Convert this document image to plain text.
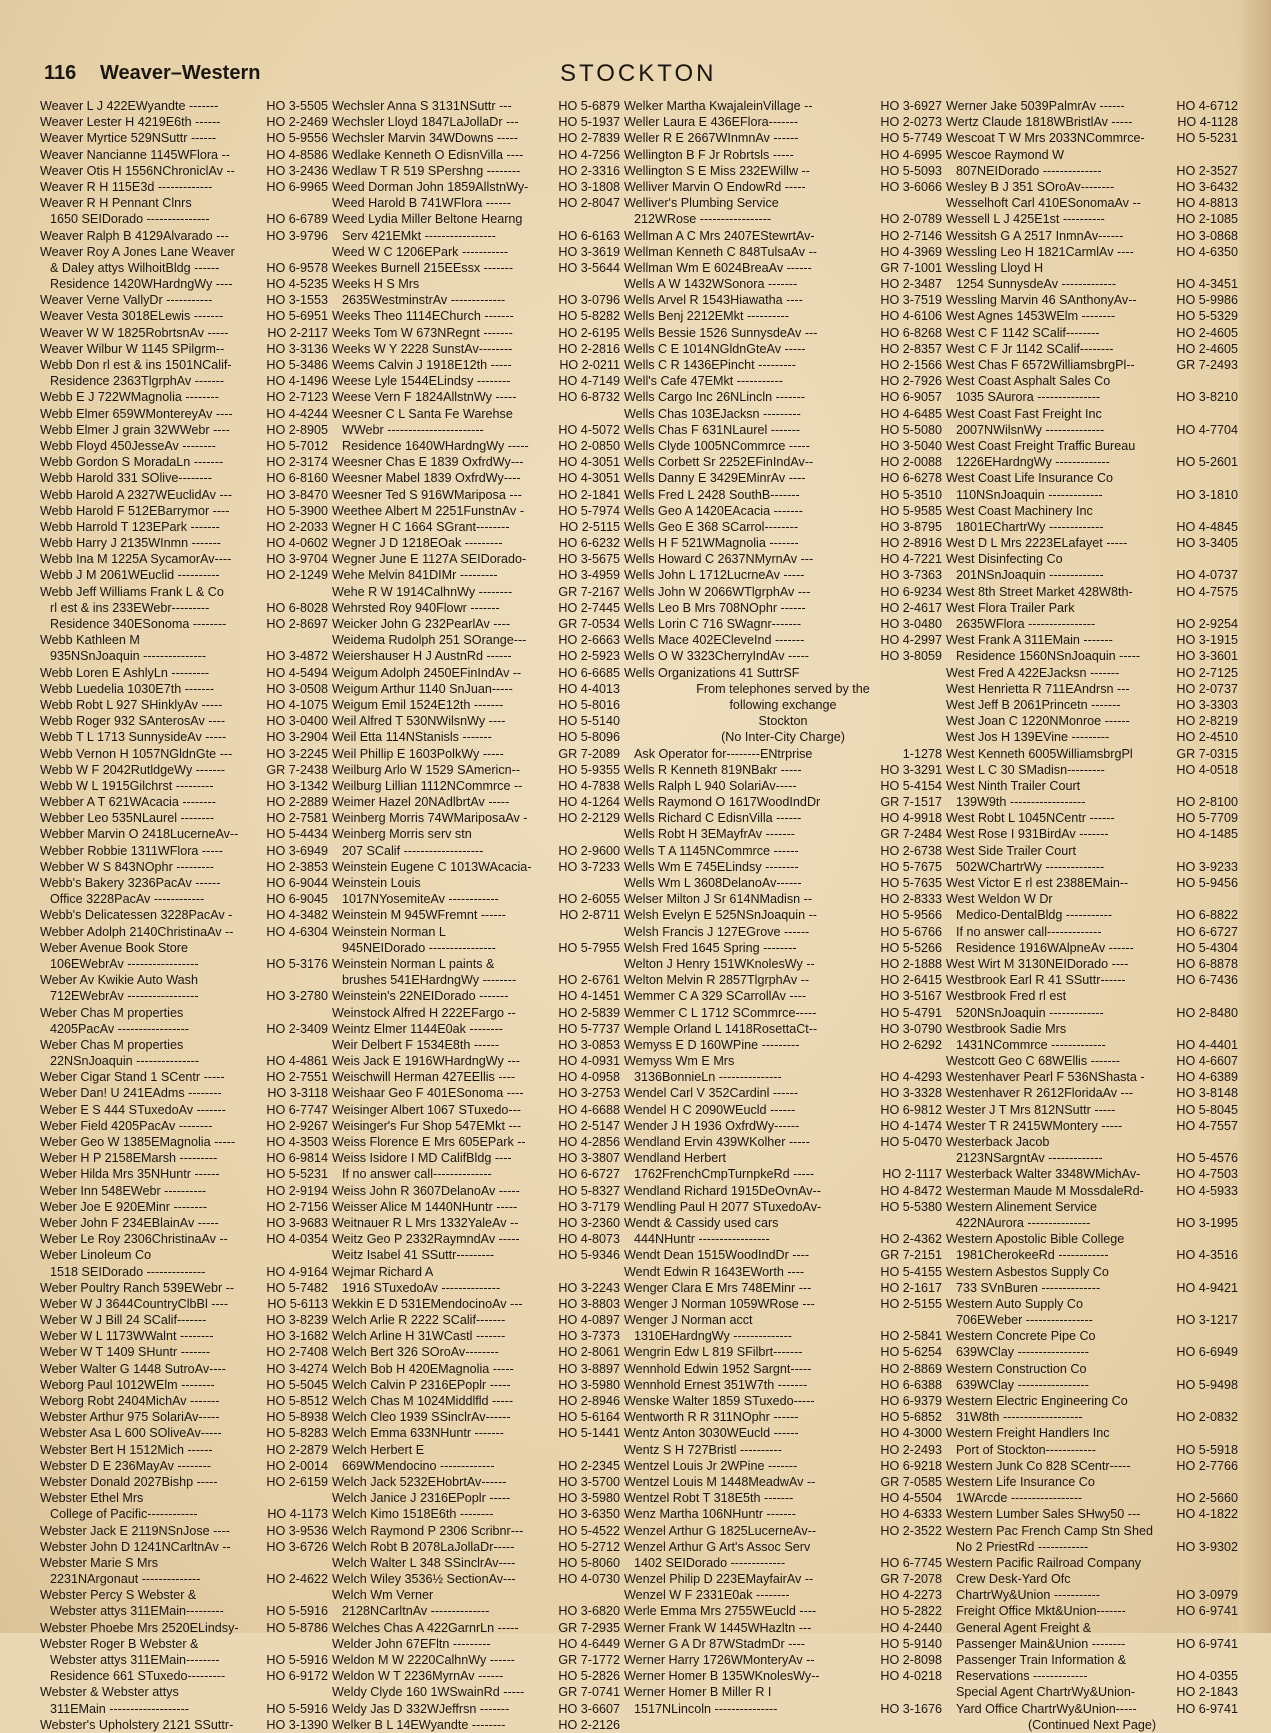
116 Weaver–Western	STOCKTON
Weaver L J 422EWyandte -------	HO 3-5505
Weaver Lester H 4219E6th ------	HO 2-2469
Weaver Myrtice 529NSuttr ------	HO 5-9556
Weaver Nancianne 1145WFlora --	HO 4-8586
Weaver Otis H 1556NChroniclAv --	HO 3-2436
Weaver R H 115E3d -------------	HO 6-9965
Weaver R H Pennant Clnrs
1650 SEIDorado ---------------	HO 6-6789
Weaver Ralph B 4129Alvarado ---	HO 3-9796
Weaver Roy A Jones Lane Weaver
& Daley attys WilhoitBldg ------	HO 6-9578
Residence 1420WHardngWy ----	HO 4-5235
Weaver Verne VallyDr -----------	HO 3-1553
Weaver Vesta 3018ELewis -------	HO 5-6951
Weaver W W 1825RobrtsnAv -----	HO 2-2117
Weaver Wilbur W 1145 SPilgrm--	HO 3-3136
Webb Don rl est & ins 1501NCalif-	HO 5-3486
Residence 2363TlgrphAv -------	HO 4-1496
Webb E J 722WMagnolia --------	HO 2-7123
Webb Elmer 659WMontereyAv ----	HO 4-4244
Webb Elmer J grain 32WWebr ----	HO 2-8905
Webb Floyd 450JesseAv --------	HO 5-7012
Webb Gordon S MoradaLn -------	HO 2-3174
Webb Harold 331 SOlive--------	HO 6-8160
Webb Harold A 2327WEuclidAv ---	HO 3-8470
Webb Harold F 512EBarrymor ----	HO 5-3900
Webb Harrold T 123EPark -------	HO 2-2033
Webb Harry J 2135WInmn -------	HO 4-0602
Webb Ina M 1225A SycamorAv----	HO 3-9704
Webb J M 2061WEuclid ----------	HO 2-1249
Webb Jeff Williams Frank L & Co
rl est & ins 233EWebr---------	HO 6-8028
Residence 340ESonoma --------	HO 2-8697
Webb Kathleen M
935NSnJoaquin ---------------	HO 3-4872
Webb Loren E AshlyLn ---------	HO 4-5494
Webb Luedelia 1030E7th -------	HO 3-0508
Webb Robt L 927 SHinklyAv -----	HO 4-1075
Webb Roger 932 SAnterosAv ----	HO 3-0400
Webb T L 1713 SunnysideAv -----	HO 3-2904
Webb Vernon H 1057NGldnGte ---	HO 3-2245
Webb W F 2042RutldgeWy -------	GR 7-2438
Webb W L 1915Gilchrst ---------	HO 3-1342
Webber A T 621WAcacia --------	HO 2-2889
Webber Leo 535NLaurel --------	HO 2-7581
Webber Marvin O 2418LucerneAv-- HO 5-4434
Webber Robbie 1311WFlora -----	HO 3-6949
Webber W S 843NOphr ---------	HO 2-3853
Webb's Bakery 3236PacAv ------	HO 6-9044
Office 3228PacAv ------------	HO 6-9045
Webb's Delicatessen 3228PacAv -	HO 4-3482
Webber Adolph 2140ChristinaAv --	HO 4-6304
Weber Avenue Book Store
106EWebrAv -----------------	HO 5-3176
Weber Av Kwikie Auto Wash
712EWebrAv -----------------	HO 3-2780
Weber Chas M properties
4205PacAv -----------------	HO 2-3409
Weber Chas M properties
22NSnJoaquin ---------------	HO 4-4861
Weber Cigar Stand 1 SCentr -----	HO 2-7551
Weber Dan! U 241EAdms --------	HO 3-3118
Weber E S 444 STuxedoAv -------	HO 6-7747
Weber Field 4205PacAv --------	HO 2-9267
Weber Geo W 1385EMagnolia ----- HO 4-3503
Weber H P 2158EMarsh ---------	HO 6-9814
Weber Hilda Mrs 35NHuntr ------	HO 5-5231
Weber Inn 548EWebr ----------	HO 2-9194
Weber Joe E 920EMinr --------	HO 2-7156
Weber John F 234EBlainAv -----	HO 3-9683
Weber Le Roy 2306ChristinaAv --	HO 4-0354
Weber Linoleum Co
1518 SEIDorado --------------	HO 4-9164
Weber Poultry Ranch 539EWebr --	HO 5-7482
Weber W J 3644CountryClbBl ----	HO 5-6113
Weber W J Bill 24 SCalif-------	HO 3-8239
Weber W L 1173WWalnt --------	HO 3-1682
Weber W T 1409 SHuntr -------	HO 2-7408
Weber Walter G 1448 SutroAv----	HO 3-4274
Weborg Paul 1012WElm --------	HO 5-5045
Weborg Robt 2404MichAv -------	HO 5-8512
Webster Arthur 975 SolariAv-----	HO 5-8938
Webster Asa L 600 SOliveAv-----	HO 5-8283
Webster Bert H 1512Mich ------	HO 2-2879
Webster D E 236MayAv --------	HO 2-0014
Webster Donald 2027Bishp -----	HO 2-6159
Webster Ethel Mrs
College of Pacific------------	HO 4-1173
Webster Jack E 2119NSnJose ----	HO 3-9536
Webster John D 1241NCarltnAv --	HO 3-6726
Webster Marie S Mrs
2231NArgonaut --------------	HO 2-4622
Webster Percy S Webster &
Webster attys 311EMain---------	HO 5-5916
Webster Phoebe Mrs 2520ELindsy- HO 5-8786
Webster Roger B Webster &
Webster attys 311EMain--------	HO 5-5916
Residence 661 STuxedo---------	HO 6-9172
Webster & Webster attys
311EMain -------------------	HO 5-5916
Webster's Upholstery 2121 SSuttr-	HO 3-1390
Wechsler Anna S 3131NSuttr ---	HO 5-6879
Wechsler Lloyd 1847LaJollaDr ---	HO 5-1937
Wechsler Marvin 34WDowns -----	HO 2-7839
Wedlake Kenneth O EdisnVilla ----	HO 4-7256
Wedlaw T R 519 SPershng --------	HO 2-3316
Weed Dorman John 1859AllstnWy- HO 3-1808
Weed Harold B 741WFlora ------	HO 2-8047
Weed Lydia Miller Beltone Hearng
Serv 421EMkt -----------------	HO 6-6163
Weed W C 1206EPark -----------	HO 3-3619
Weekes Burnell 215EEssx -------	HO 3-5644
Weeks H S Mrs
2635WestminstrAv -------------	HO 3-0796
Weeks Theo 1114EChurch -------	HO 5-8282
Weeks Tom W 673NRegnt -------	HO 2-6195
Weeks W Y 2228 SunstAv--------	HO 2-2816
Weems Calvin J 1918E12th -----	HO 2-0211
Weese Lyle 1544ELindsy --------	HO 4-7149
Weese Vern F 1824AllstnWy -----	HO 6-8732
Weesner C L Santa Fe Warehse
WWebr -----------------------	HO 4-5072
Residence 1640WHardngWy ----- HO 2-0850
Weesner Chas E 1839 OxfrdWy---	HO 4-3051
Weesner Mabel 1839 OxfrdWy----	HO 4-3051
Weesner Ted S 916WMariposa ---	HO 2-1841
Weethee Albert M 2251FunstnAv -	HO 5-7974
Wegner H C 1664 SGrant--------	HO 2-5115
Wegner J D 1218EOak ---------	HO 6-6232
Wegner June E 1127A SEIDorado-	HO 3-5675
Wehe Melvin 841DIMr ---------	HO 3-4959
Wehe R W 1914CalhnWy --------	GR 7-2167
Wehrsted Roy 940Flowr -------	HO 2-7445
Weicker John G 232PearlAv ----	GR 7-0534
Weidema Rudolph 251 SOrange---	HO 2-6663
Weiershauser H J AustnRd ------	HO 2-5923
Weigum Adolph 2450EFinIndAv --	HO 6-6685
Weigum Arthur 1140 SnJuan-----	HO 4-4013
Weigum Emil 1524E12th -------	HO 5-8016
Weil Alfred T 530NWilsnWy ----	HO 5-5140
Weil Etta 114NStanisls -------	HO 5-8096
Weil Phillip E 1603PolkWy -----	GR 7-2089
Weilburg Arlo W 1529 SAmericn--	HO 5-9355
Weilburg Lillian 1112NCommrce --	HO 4-7838
Weimer Hazel 20NAdlbrtAv -----	HO 4-1264
Weinberg Morris 74WMariposaAv - HO 2-2129
Weinberg Morris serv stn
207 SCalif -------------------	HO 2-9600
Weinstein Eugene C 1013WAcacia- HO 3-7233
Weinstein Louis
1017NYosemiteAv ------------	HO 2-6055
Weinstein M 945WFremnt ------	HO 2-8711
Weinstein Norman L
945NEIDorado ----------------	HO 5-7955
Weinstein Norman L paints &
brushes 541EHardngWy --------	HO 2-6761
Weinstein's 22NEIDorado -------	HO 4-1451
Weinstock Alfred H 222EFargo --	HO 2-5839
Weintz Elmer 1144E0ak --------	HO 5-7737
Weir Delbert F 1534E8th ------	HO 3-0853
Weis Jack E 1916WHardngWy ---	HO 4-0931
Weischwill Herman 427EEllis ----	HO 4-0958
Weishaar Geo F 401ESonoma ----	HO 3-2753
Weisinger Albert 1067 STuxedo---	HO 4-6688
Weisinger's Fur Shop 547EMkt ---	HO 2-5147
Weiss Florence E Mrs 605EPark --	HO 4-2856
Weiss Isidore I MD CalifBldg ----	HO 3-3807
If no answer call--------------	HO 6-6727
Weiss John R 3607DelanoAv -----	HO 5-8327
Weisser Alice M 1440NHuntr -----	HO 3-7179
Weitnauer R L Mrs 1332YaleAv --	HO 3-2360
Weitz Geo P 2332RaymndAv -----	HO 4-8073
Weitz Isabel 41 SSuttr---------	HO 5-9346
Wejmar Richard A
1916 STuxedoAv --------------	HO 3-2243
Wekkin E D 531EMendocinoAv ---	HO 3-8803
Welch Arlie R 2222 SCalif-------	HO 4-0897
Welch Arline H 31WCastl -------	HO 3-7373
Welch Bert 326 SOroAv--------	HO 2-8061
Welch Bob H 420EMagnolia -----	HO 3-8897
Welch Calvin P 2316EPoplr -----	HO 3-5980
Welch Chas M 1024Middlfld -----	HO 2-8946
Welch Cleo 1939 SSinclrAv------	HO 5-6164
Welch Emma 633NHuntr -------	HO 5-1441
Welch Herbert E
669WMendocino -------------	HO 2-2345
Welch Jack 5232EHobrtAv------	HO 3-5700
Welch Janice J 2316EPoplr -----	HO 3-5980
Welch Kimo 1518E6th --------	HO 3-6350
Welch Raymond P 2306 Scribnr---	HO 5-4522
Welch Robt B 2078LaJollaDr-----	HO 5-2712
Welch Walter L 348 SSinclrAv----	HO 5-8060
Welch Wiley 3536½ SectionAv---	HO 4-0730
Welch Wm Verner
2128NCarltnAv --------------	HO 3-6820
Welches Chas A 422GarnrLn -----	GR 7-2935
Welder John 67EFltn ---------	HO 4-6449
Weldon M W 2220CalhnWy ------	GR 7-1772
Weldon W T 2236MyrnAv ------	HO 5-2826
Weldy Clyde 160 1WSwainRd -----	GR 7-0741
Weldy Jas D 332WJeffrsn -------	HO 3-6607
Welker B L 14EWyandte --------	HO 2-2126
Welker Martha KwajaleinVillage --	HO 3-6927
Weller Laura E 436EFlora-------	HO 2-0273
Weller R E 2667WInmnAv ------	HO 5-7749
Wellington B F Jr Robrtsls -----	HO 4-6995
Wellington S E Miss 232EWillw --	HO 5-5093
Welliver Marvin O EndowRd -----	HO 3-6066
Welliver's Plumbing Service
212WRose -----------------	HO 2-0789
Wellman A C Mrs 2407EStewrtAv-	HO 2-7146
Wellman Kenneth C 848TulsaAv --	HO 4-3969
Wellman Wm E 6024BreaAv ------	GR 7-1001
Wells A W 1432WSonora -------	HO 2-3487
Wells Arvel R 1543Hiawatha ----	HO 3-7519
Wells Benj 2212EMkt ----------	HO 4-6106
Wells Bessie 1526 SunnysdeAv ---	HO 6-8268
Wells C E 1014NGldnGteAv -----	HO 2-8357
Wells C R 1436EPincht ---------	HO 2-1566
Well's Cafe 47EMkt -----------	HO 2-7926
Wells Cargo Inc 26NLincln -------	HO 6-9057
Wells Chas 103EJacksn ---------	HO 4-6485
Wells Chas F 631NLaurel -------	HO 5-5080
Wells Clyde 1005NCommrce -----	HO 3-5040
Wells Corbett Sr 2252EFinIndAv--	HO 2-0088
Wells Danny E 3429EMinrAv ----	HO 6-6278
Wells Fred L 2428 SouthB-------	HO 5-3510
Wells Geo A 1420EAcacia -------	HO 5-9585
Wells Geo E 368 SCarrol--------	HO 3-8795
Wells H F 521WMagnolia -------	HO 2-8916
Wells Howard C 2637NMyrnAv ---	HO 4-7221
Wells John L 1712LucrneAv -----	HO 3-7363
Wells John W 2066WTlgrphAv ---	HO 6-9234
Wells Leo B Mrs 708NOphr ------	HO 2-4617
Wells Lorin C 716 SWagnr-------	HO 3-0480
Wells Mace 402ECleveInd -------	HO 4-2997
Wells O W 3323CherryIndAv -----	HO 3-8059
Wells Organizations 41 SuttrSF
From telephones served by the
following exchange
Stockton
(No Inter-City Charge)
Ask Operator for--------ENtrprise	1-1278
Wells R Kenneth 819NBakr -----	HO 3-3291
Wells Ralph L 940 SolariAv-----	HO 5-4154
Wells Raymond O 1617WoodIndDr	GR 7-1517
Wells Richard C EdisnVilla ------	HO 4-9918
Wells Robt H 3EMayfrAv -------	GR 7-2484
Wells T A 1145NCommrce ------	HO 2-6738
Wells Wm E 745ELindsy --------	HO 5-7675
Wells Wm L 3608DelanoAv------	HO 5-7635
Welser Milton J Sr 614NMadisn --	HO 2-8333
Welsh Evelyn E 525NSnJoaquin --	HO 5-9566
Welsh Francis J 127EGrove ------	HO 5-6766
Welsh Fred 1645 Spring --------	HO 5-5266
Welton J Henry 151WKnolesWy --	HO 2-1888
Welton Melvin R 2857TlgrphAv --	HO 2-6415
Wemmer C A 329 SCarrollAv ----	HO 3-5167
Wemmer C L 1712 SCommrce-----	HO 5-4791
Wemple Orland L 1418RosettaCt--	HO 3-0790
Wemyss E D 160WPine ---------	HO 2-6292
Wemyss Wm E Mrs
3136BonnieLn ---------------	HO 4-4293
Wendel Carl V 352Cardinl ------	HO 3-3328
Wendel H C 2090WEucld ------	HO 6-9812
Wender J H 1936 OxfrdWy------	HO 4-1474
Wendland Ervin 439WKolher -----	HO 5-0470
Wendland Herbert
1762FrenchCmpTurnpkeRd -----	HO 2-1117
Wendland Richard 1915DeOvnAv--	HO 4-8472
Wendling Paul H 2077 STuxedoAv-	HO 5-5380
Wendt & Cassidy used cars
444NHuntr -----------------	HO 2-4362
Wendt Dean 1515WoodIndDr ----	GR 7-2151
Wendt Edwin R 1643EWorth ----	HO 5-4155
Wenger Clara E Mrs 748EMinr ---	HO 2-1617
Wenger J Norman 1059WRose ---	HO 2-5155
Wenger J Norman acct
1310EHardngWy --------------	HO 2-5841
Wengrin Edw L 819 SFilbrt-------	HO 5-6254
Wennhold Edwin 1952 Sargnt-----	HO 2-8869
Wennhold Ernest 351W7th -------	HO 6-6388
Wenske Walter 1859 STuxedo-----	HO 6-9379
Wentworth R R 311NOphr ------	HO 5-6852
Wentz Anton 3030WEucld ------	HO 4-3000
Wentz S H 727Bristl ----------	HO 2-2493
Wentzel Louis Jr 2WPine -------	HO 6-9218
Wentzel Louis M 1448MeadwAv --	GR 7-0585
Wentzel Robt T 318E5th -------	HO 4-5504
Wenz Martha 106NHuntr -------	HO 4-6333
Wenzel Arthur G 1825LucerneAv--	HO 2-3522
Wenzel Arthur G Art's Assoc Serv
1402 SEIDorado -------------	HO 6-7745
Wenzel Philip D 223EMayfairAv --	GR 7-2078
Wenzel W F 2331E0ak --------	HO 4-2273
Werle Emma Mrs 2755WEucld ----	HO 5-2822
Werner Frank W 1445WHazltn ---	HO 4-2440
Werner G A Dr 87WStadmDr ----	HO 5-9140
Werner Harry 1726WMonteryAv --	HO 2-8098
Werner Homer B 135WKnolesWy--	HO 4-0218
Werner Homer B Miller R I
1517NLincoln ---------------	HO 3-1676
Werner Jake 5039PalmrAv ------	HO 4-6712
Wertz Claude 1818WBristlAv -----	HO 4-1128
Wescoat T W Mrs 2033NCommrce-	HO 5-5231
Wescoe Raymond W
807NEIDorado --------------	HO 2-3527
Wesley B J 351 SOroAv--------	HO 3-6432
Wesselhoft Carl 410ESonomaAv --	HO 4-8813
Wessell L J 425E1st ----------	HO 2-1085
Wessitsh G A 2517 InmnAv------	HO 3-0868
Wessling Leo H 1821CarmlAv ----	HO 4-6350
Wessling Lloyd H
1254 SunnysdeAv -------------	HO 4-3451
Wessling Marvin 46 SAnthonyAv--	HO 5-9986
West Agnes 1453WElm --------	HO 5-5329
West C F 1142 SCalif--------	HO 2-4605
West C F Jr 1142 SCalif--------	HO 2-4605
West Chas F 6572WilliamsbrgPl--	GR 7-2493
West Coast Asphalt Sales Co
1035 SAurora ---------------	HO 3-8210
West Coast Fast Freight Inc
2007NWilsnWy --------------	HO 4-7704
West Coast Freight Traffic Bureau
1226EHardngWy -------------	HO 5-2601
West Coast Life Insurance Co
110NSnJoaquin -------------	HO 3-1810
West Coast Machinery Inc
1801EChartrWy -------------	HO 4-4845
West D L Mrs 2223ELafayet -----	HO 3-3405
West Disinfecting Co
201NSnJoaquin -------------	HO 4-0737
West 8th Street Market 428W8th-	HO 4-7575
West Flora Trailer Park
2635WFlora ----------------	HO 2-9254
West Frank A 311EMain -------	HO 3-1915
Residence 1560NSnJoaquin -----	HO 3-3601
West Fred A 422EJacksn -------	HO 2-7125
West Henrietta R 711EAndrsn ---	HO 2-0737
West Jeff B 2061Princetn -------	HO 3-3303
West Joan C 1220NMonroe ------	HO 2-8219
West Jos H 139EVine ---------	HO 2-4510
West Kenneth 6005WilliamsbrgPl	GR 7-0315
West L C 30 SMadisn---------	HO 4-0518
West Ninth Trailer Court
139W9th ------------------	HO 2-8100
West Robt L 1045NCentr ------	HO 5-7709
West Rose I 931BirdAv -------	HO 4-1485
West Side Trailer Court
502WChartrWy --------------	HO 3-9233
West Victor E rl est 2388EMain--	HO 5-9456
West Weldon W Dr
Medico-DentalBldg -----------	HO 6-8822
If no answer call-------------	HO 6-6727
Residence 1916WAlpneAv ------	HO 5-4304
West Wirt M 3130NEIDorado ----	HO 6-8878
Westbrook Earl R 41 SSuttr------	HO 6-7436
Westbrook Fred rl est
520NSnJoaquin -------------	HO 2-8480
Westbrook Sadie Mrs
1431NCommrce -------------	HO 4-4401
Westcott Geo C 68WEllis -------	HO 4-6607
Westenhaver Pearl F 536NShasta -	HO 4-6389
Westenhaver R 2612FloridaAv ---	HO 3-8148
Wester J T Mrs 812NSuttr -----	HO 5-8045
Wester T R 2415WMontery -----	HO 4-7557
Westerback Jacob
2123NSargntAv -------------	HO 5-4576
Westerback Walter 3348WMichAv-	HO 4-7503
Westerman Maude M MossdaleRd-	HO 4-5933
Western Alinement Service
422NAurora ---------------	HO 3-1995
Western Apostolic Bible College
1981CherokeeRd ------------	HO 4-3516
Western Asbestos Supply Co
733 SVnBuren --------------	HO 4-9421
Western Auto Supply Co
706EWeber ----------------	HO 3-1217
Western Concrete Pipe Co
639WClay -----------------	HO 6-6949
Western Construction Co
639WClay -----------------	HO 5-9498
Western Electric Engineering Co
31W8th -------------------	HO 2-0832
Western Freight Handlers Inc
Port of Stockton------------	HO 5-5918
Western Junk Co 828 SCentr-----	HO 2-7766
Western Life Insurance Co
1WArcde -----------------	HO 2-5660
Western Lumber Sales SHwy50 ---	HO 4-1822
Western Pac French Camp Stn Shed
No 2 PriestRd ------------	HO 3-9302
Western Pacific Railroad Company
Crew Desk-Yard Ofc
ChartrWy&Union -----------	HO 3-0979
Freight Office Mkt&Union-------	HO 6-9741
General Agent Freight &
Passenger Main&Union --------	HO 6-9741
Passenger Train Information &
Reservations -------------	HO 4-0355
Special Agent ChartrWy&Union-	HO 2-1843
Yard Office ChartrWy&Union-----	HO 6-9741
(Continued Next Page)
